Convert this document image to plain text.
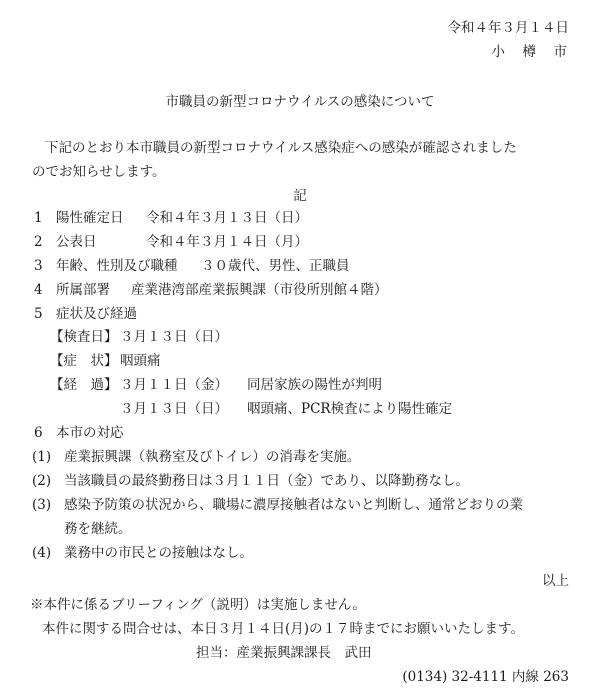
令和４年３月１４日
小　樽　市
市職員の新型コロナウイルスの感染について
下記のとおり本市職員の新型コロナウイルス感染症への感染が確認されました
のでお知らせします。
記
1 陽性確定日 令和４年３月１３日（日）
2 公表日	令和４年３月１４日（月）
3 年齢、性別及び職種 ３０歳代、男性、正職員
4 所属部署 産業港湾部産業振興課（市役所別館４階）
5 症状及び経過
【検査日】 ３月１３日（日）
【症　状】 咽頭痛
【経　過】 ３月１１日（金） 同居家族の陽性が判明
３月１３日（日） 咽頭痛、PCR検査により陽性確定
6 本市の対応
(1) 産業振興課（執務室及びトイレ）の消毒を実施。
(2) 当該職員の最終勤務日は３月１１日（金）であり、以降勤務なし。
(3) 感染予防策の状況から、職場に濃厚接触者はないと判断し、通常どおりの業
務を継続。
(4) 業務中の市民との接触はなし。
以上
※本件に係るブリーフィング（説明）は実施しません。
本件に関する問合せは、本日３月１４日(月)の１７時までにお願いいたします。
担当：産業振興課課長　武田
(0134) 32-4111 内線 263
